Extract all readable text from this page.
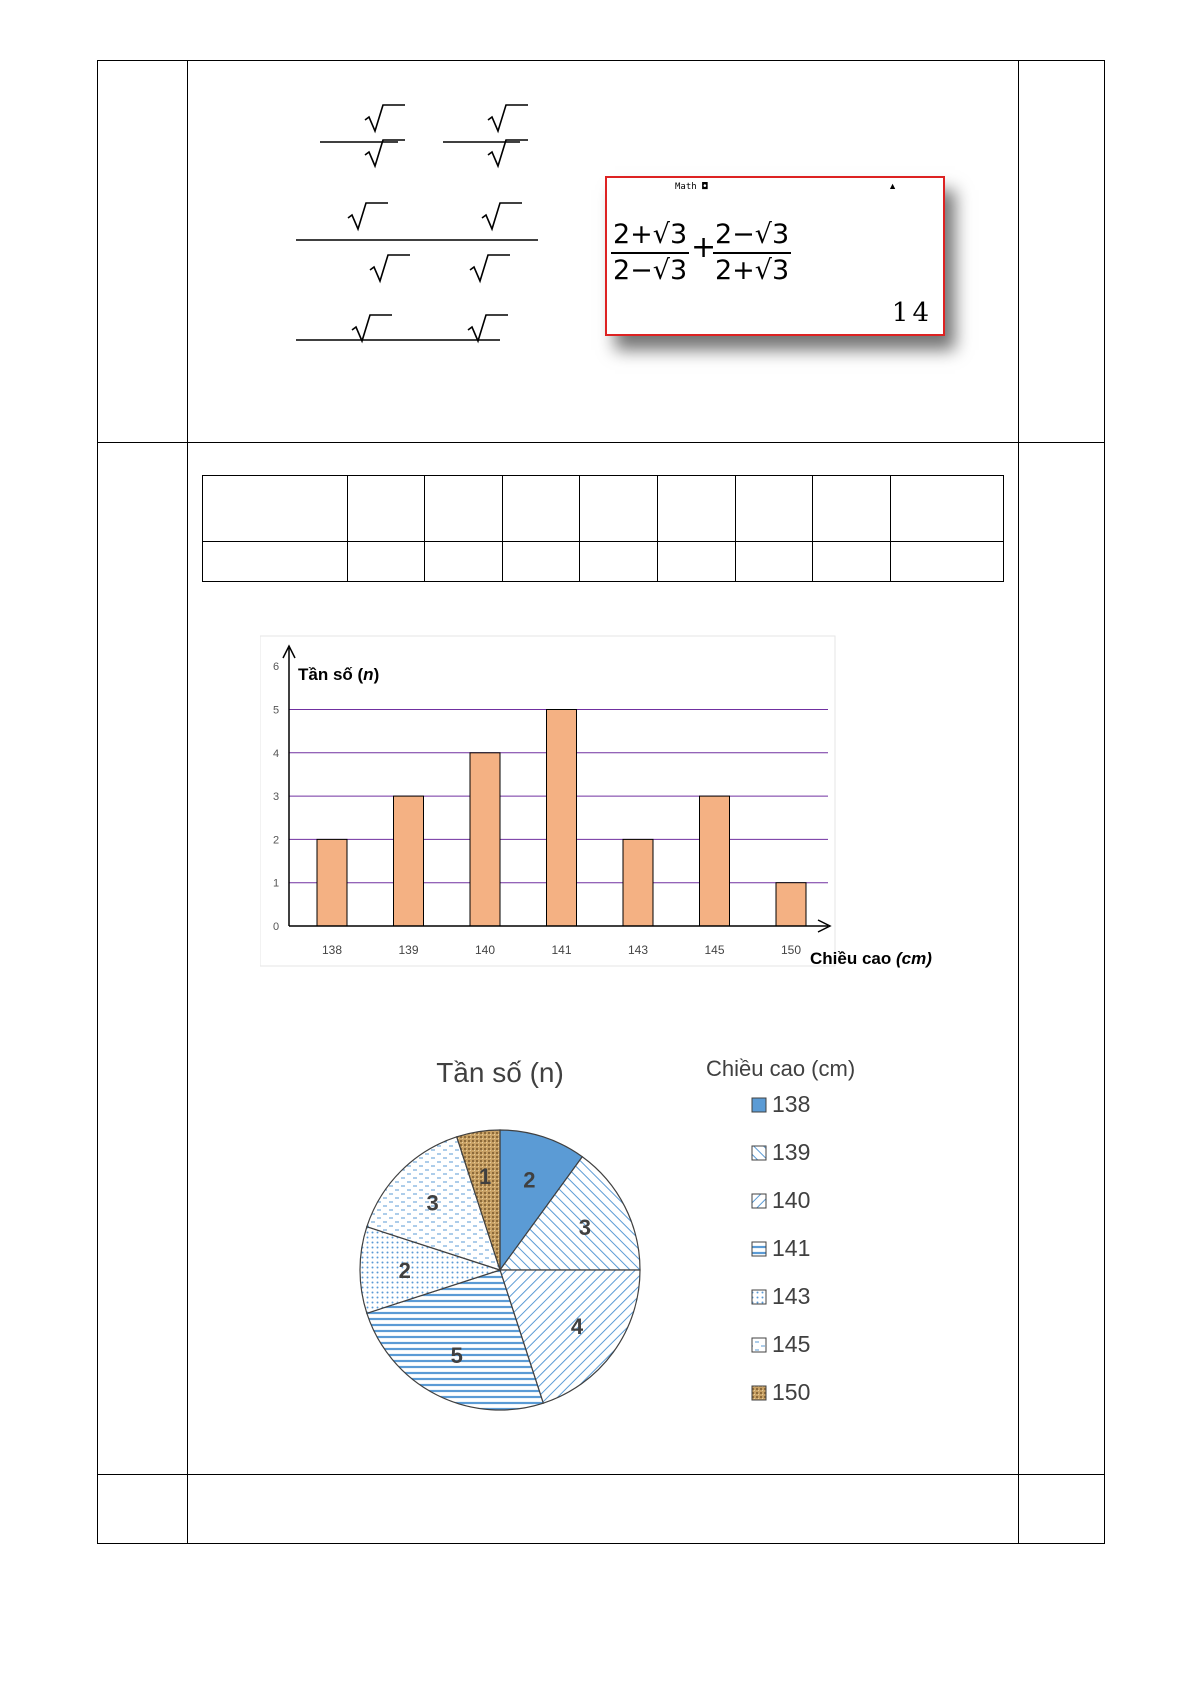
Math ◘	▲
$\frac{2+√3}{2-√3}$ +
$\frac{2-√3}{2+√3}$
14
0
1
2
3
4
5
6
138	139	140	141	143	145	150
Tần số (n)
Chiều cao (cm)
Tần số (n)
2
3
4
5
2
3
1
Chiều cao (cm)
138
139
140
141
143
145
150
